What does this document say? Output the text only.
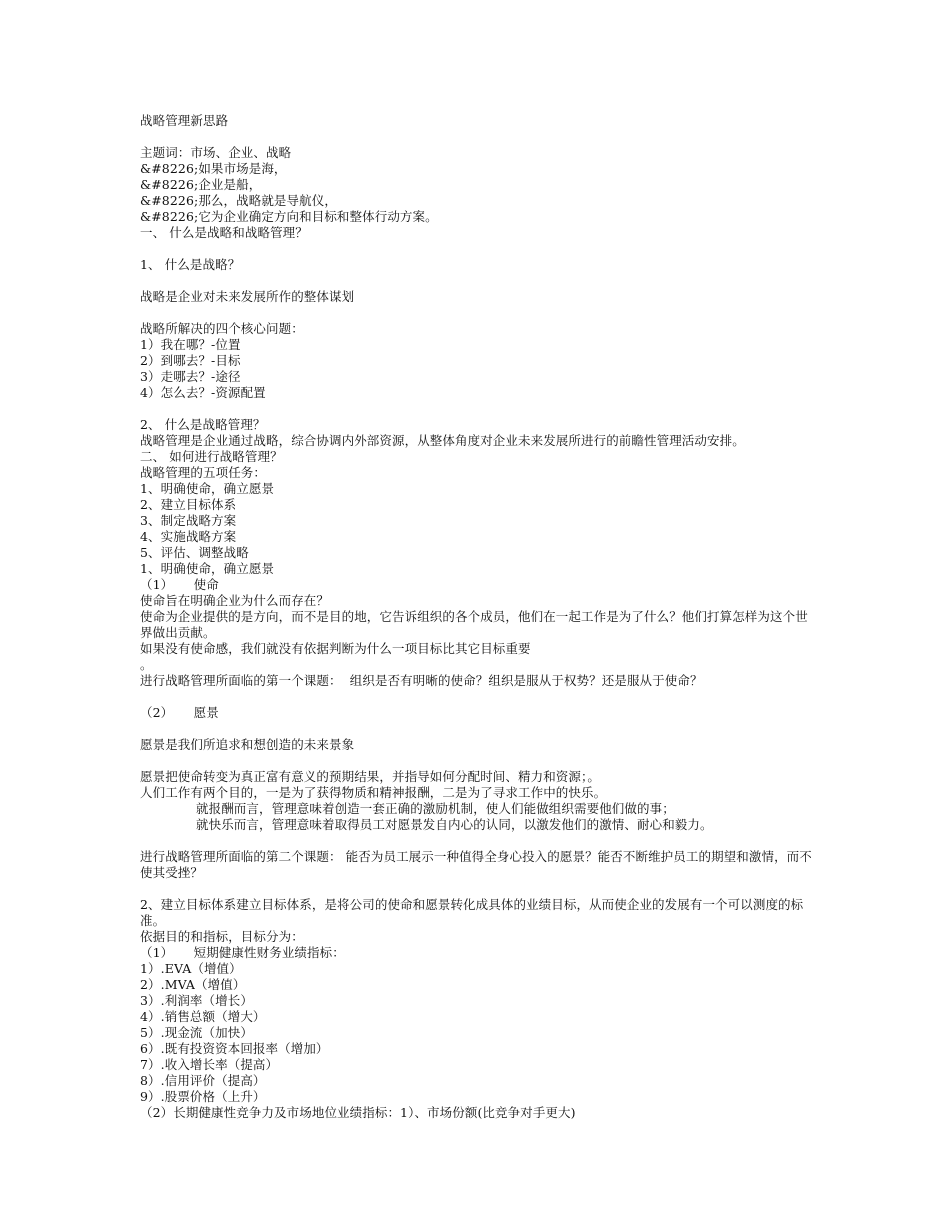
战略管理新思路

主题词：市场、企业、战略

&#8226;如果市场是海，

&#8226;企业是船，

&#8226;那么，战略就是导航仪，

&#8226;它为企业确定方向和目标和整体行动方案。

一、 什么是战略和战略管理？

1、 什么是战略？

战略是企业对未来发展所作的整体谋划

战略所解决的四个核心问题：

1）我在哪？-位置

2）到哪去？-目标

3）走哪去？-途径

4）怎么去？-资源配置

2、 什么是战略管理？

战略管理是企业通过战略，综合协调内外部资源，从整体角度对企业未来发展所进行的前瞻性管理活动安排。

二、 如何进行战略管理？

战略管理的五项任务：

1、明确使命，确立愿景

2、建立目标体系

3、制定战略方案

4、实施战略方案

5、评估、调整战略

1、明确使命，确立愿景

（1）     使命

使命旨在明确企业为什么而存在？

使命为企业提供的是方向，而不是目的地，它告诉组织的各个成员，他们在一起工作是为了什么？他们打算怎样为这个世界做出贡献。

如果没有使命感，我们就没有依据判断为什么一项目标比其它目标重要

。

进行战略管理所面临的第一个课题：  组织是否有明晰的使命？组织是服从于权势？还是服从于使命？

（2）     愿景

愿景是我们所追求和想创造的未来景象

愿景把使命转变为真正富有意义的预期结果，并指导如何分配时间、精力和资源；。

人们工作有两个目的，一是为了获得物质和精神报酬，二是为了寻求工作中的快乐。

就报酬而言，管理意味着创造一套正确的激励机制，使人们能做组织需要他们做的事；

就快乐而言，管理意味着取得员工对愿景发自内心的认同，以激发他们的激情、耐心和毅力。

进行战略管理所面临的第二个课题： 能否为员工展示一种值得全身心投入的愿景？能否不断维护员工的期望和激情，而不使其受挫？

2、建立目标体系建立目标体系，是将公司的使命和愿景转化成具体的业绩目标，从而使企业的发展有一个可以测度的标准。

依据目的和指标，目标分为：

（1）     短期健康性财务业绩指标：

1）.EVA（增值）

2）.MVA（增值）

3）.利润率（增长）

4）.销售总额（增大）

5）.现金流（加快）

6）.既有投资资本回报率（增加）

7）.收入增长率（提高）

8）.信用评价（提高）

9）.股票价格（上升）

（2）长期健康性竞争力及市场地位业绩指标：1）、市场份额(比竞争对手更大)
